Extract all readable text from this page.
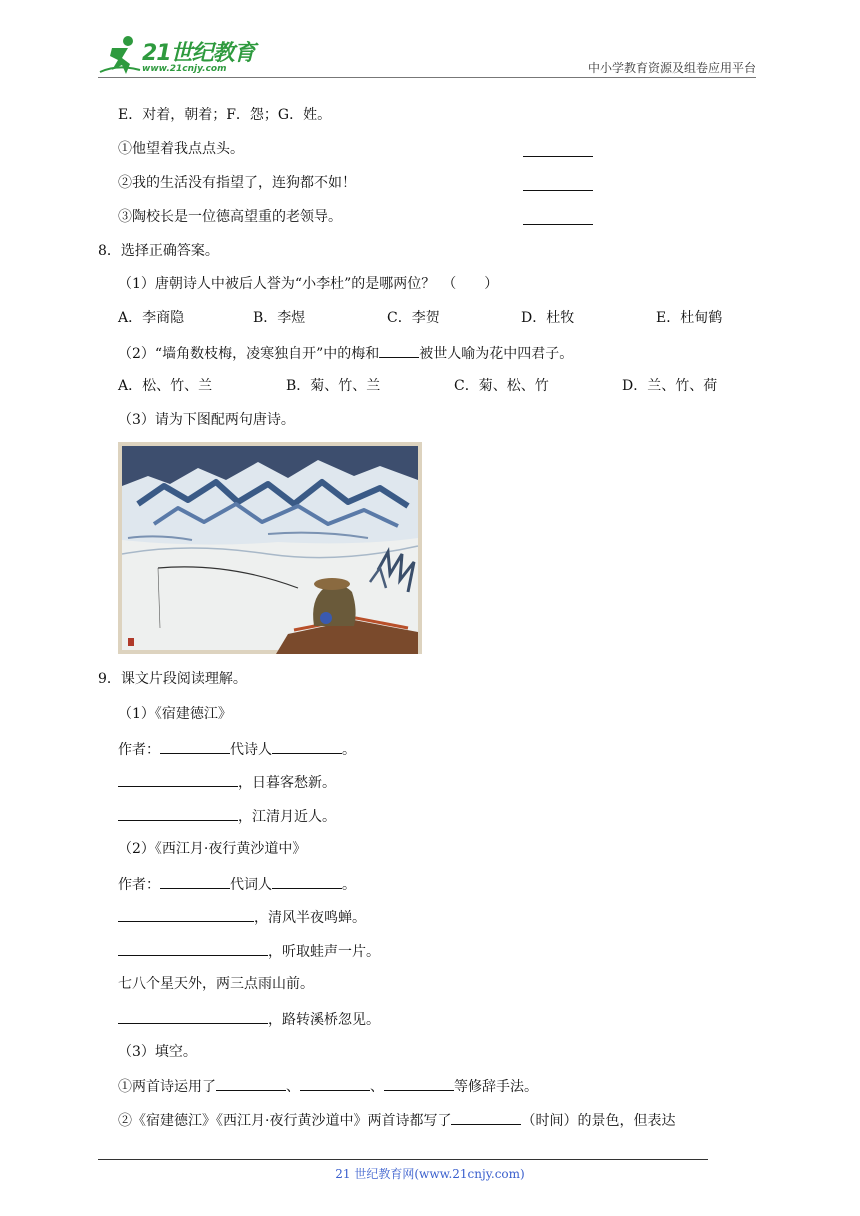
21世纪教育
www.21cnjy.com	中小学教育资源及组卷应用平台
E．对着，朝着；F．怨；G．姓。
①他望着我点点头。
②我的生活没有指望了，连狗都不如！
③陶校长是一位德高望重的老领导。
8．选择正确答案。
（1）唐朝诗人中被后人誉为“小李杜”的是哪两位？　（　　）
A．李商隐	B．李煜	C．李贺	D．杜牧	E．杜甸鹤
（2）“墙角数枝梅，凌寒独自开”中的梅和	被世人喻为花中四君子。
A．松、竹、兰	B．菊、竹、兰	C．菊、松、竹	D．兰、竹、荷
（3）请为下图配两句唐诗。
9．课文片段阅读理解。
（1）《宿建德江》
作者：	代诗人	。
，日暮客愁新。
，江清月近人。
（2）《西江月·夜行黄沙道中》
作者：	代词人	。
，清风半夜鸣蝉。
，听取蛙声一片。
七八个星天外，两三点雨山前。
，路转溪桥忽见。
（3）填空。
①两首诗运用了	、	、	等修辞手法。
②《宿建德江》《西江月·夜行黄沙道中》两首诗都写了	（时间）的景色，但表达
21 世纪教育网(www.21cnjy.com)
